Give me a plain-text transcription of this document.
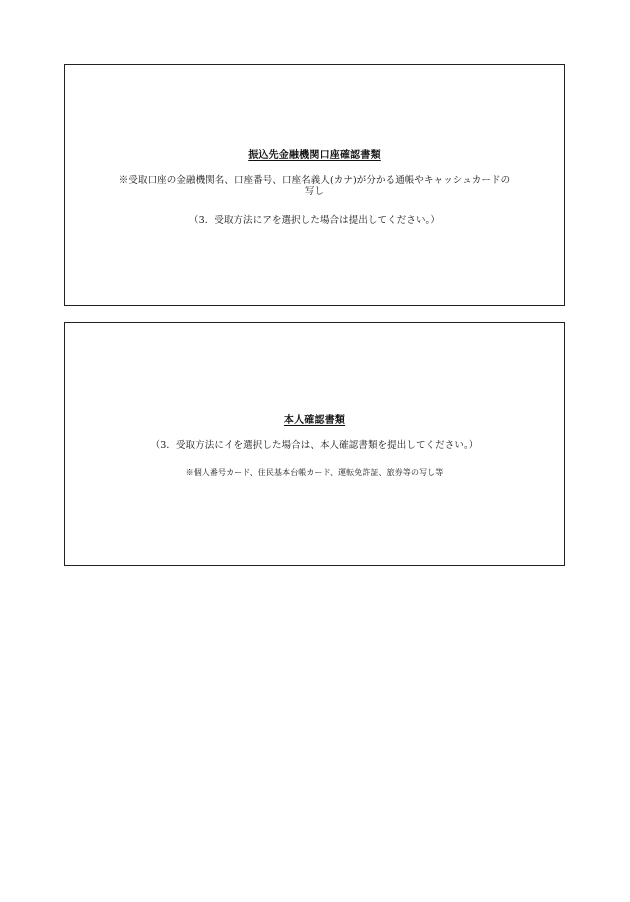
振込先金融機関口座確認書類
※受取口座の金融機関名、口座番号、口座名義人(カナ)が分かる通帳やキャッシュカードの
写し
（3．受取方法にアを選択した場合は提出してください。）
本人確認書類
（3．受取方法にイを選択した場合は、本人確認書類を提出してください。）
※個人番号カード、住民基本台帳カード、運転免許証、旅券等の写し等
